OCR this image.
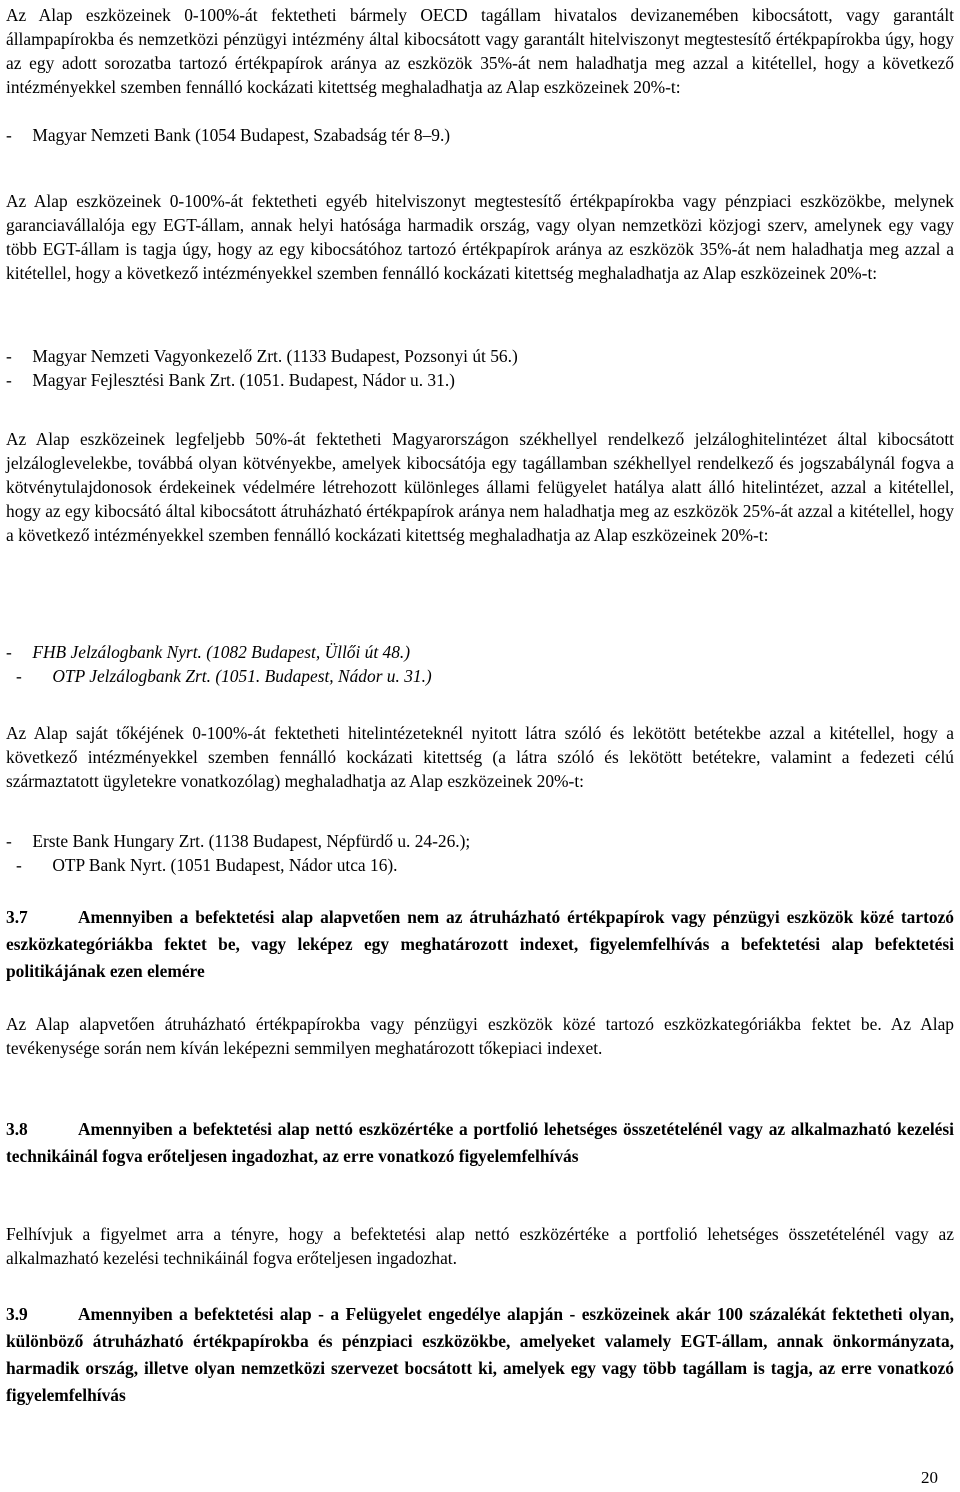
Az Alap eszközeinek 0-100%-át fektetheti bármely OECD tagállam hivatalos devizanemében kibocsátott, vagy garantált állampapírokba és nemzetközi pénzügyi intézmény által kibocsátott vagy garantált hitelviszonyt megtestesítő értékpapírokba úgy, hogy az egy adott sorozatba tartozó értékpapírok aránya az eszközök 35%-át nem haladhatja meg azzal a kitétellel, hogy a következő intézményekkel szemben fennálló kockázati kitettség meghaladhatja az Alap eszközeinek 20%-t:

- Magyar Nemzeti Bank (1054 Budapest, Szabadság tér 8–9.)

Az Alap eszközeinek 0-100%-át fektetheti egyéb hitelviszonyt megtestesítő értékpapírokba vagy pénzpiaci eszközökbe, melynek garanciavállalója egy EGT-állam, annak helyi hatósága harmadik ország, vagy olyan nemzetközi közjogi szerv, amelynek egy vagy több EGT-állam is tagja úgy, hogy az egy kibocsátóhoz tartozó értékpapírok aránya az eszközök 35%-át nem haladhatja meg azzal a kitétellel, hogy a következő intézményekkel szemben fennálló kockázati kitettség meghaladhatja az Alap eszközeinek 20%-t:

- Magyar Nemzeti Vagyonkezelő Zrt. (1133 Budapest, Pozsonyi út 56.)
- Magyar Fejlesztési Bank Zrt. (1051. Budapest, Nádor u. 31.)

Az Alap eszközeinek legfeljebb 50%-át fektetheti Magyarországon székhellyel rendelkező jelzáloghitelintézet által kibocsátott jelzáloglevelekbe, továbbá olyan kötvényekbe, amelyek kibocsátója egy tagállamban székhellyel rendelkező és jogszabálynál fogva a kötvénytulajdonosok érdekeinek védelmére létrehozott különleges állami felügyelet hatálya alatt álló hitelintézet, azzal a kitétellel, hogy az egy kibocsátó által kibocsátott átruházható értékpapírok aránya nem haladhatja meg az eszközök 25%-át azzal a kitétellel, hogy a következő intézményekkel szemben fennálló kockázati kitettség meghaladhatja az Alap eszközeinek 20%-t:

- FHB Jelzálogbank Nyrt. (1082 Budapest, Üllői út 48.)
- OTP Jelzálogbank Zrt. (1051. Budapest, Nádor u. 31.)

Az Alap saját tőkéjének 0-100%-át fektetheti hitelintézeteknél nyitott látra szóló és lekötött betétekbe azzal a kitétellel, hogy a következő intézményekkel szemben fennálló kockázati kitettség (a látra szóló és lekötött betétekre, valamint a fedezeti célú származtatott ügyletekre vonatkozólag) meghaladhatja az Alap eszközeinek 20%-t:

- Erste Bank Hungary Zrt. (1138 Budapest, Népfürdő u. 24-26.);
- OTP Bank Nyrt. (1051 Budapest, Nádor utca 16).

3.7	Amennyiben a befektetési alap alapvetően nem az átruházható értékpapírok vagy pénzügyi eszközök közé tartozó eszközkategóriákba fektet be, vagy leképez egy meghatározott indexet, figyelemfelhívás a befektetési alap befektetési politikájának ezen elemére

Az Alap alapvetően átruházható értékpapírokba vagy pénzügyi eszközök közé tartozó eszközkategóriákba fektet be. Az Alap tevékenysége során nem kíván leképezni semmilyen meghatározott tőkepiaci indexet.

3.8	Amennyiben a befektetési alap nettó eszközértéke a portfolió lehetséges összetételénél vagy az alkalmazható kezelési technikáinál fogva erőteljesen ingadozhat, az erre vonatkozó figyelemfelhívás

Felhívjuk a figyelmet arra a tényre, hogy a befektetési alap nettó eszközértéke a portfolió lehetséges összetételénél vagy az alkalmazható kezelési technikáinál fogva erőteljesen ingadozhat.

3.9	Amennyiben a befektetési alap - a Felügyelet engedélye alapján - eszközeinek akár 100 százalékát fektetheti olyan, különböző átruházható értékpapírokba és pénzpiaci eszközökbe, amelyeket valamely EGT-állam, annak önkormányzata, harmadik ország, illetve olyan nemzetközi szervezet bocsátott ki, amelyek egy vagy több tagállam is tagja, az erre vonatkozó figyelemfelhívás

20
